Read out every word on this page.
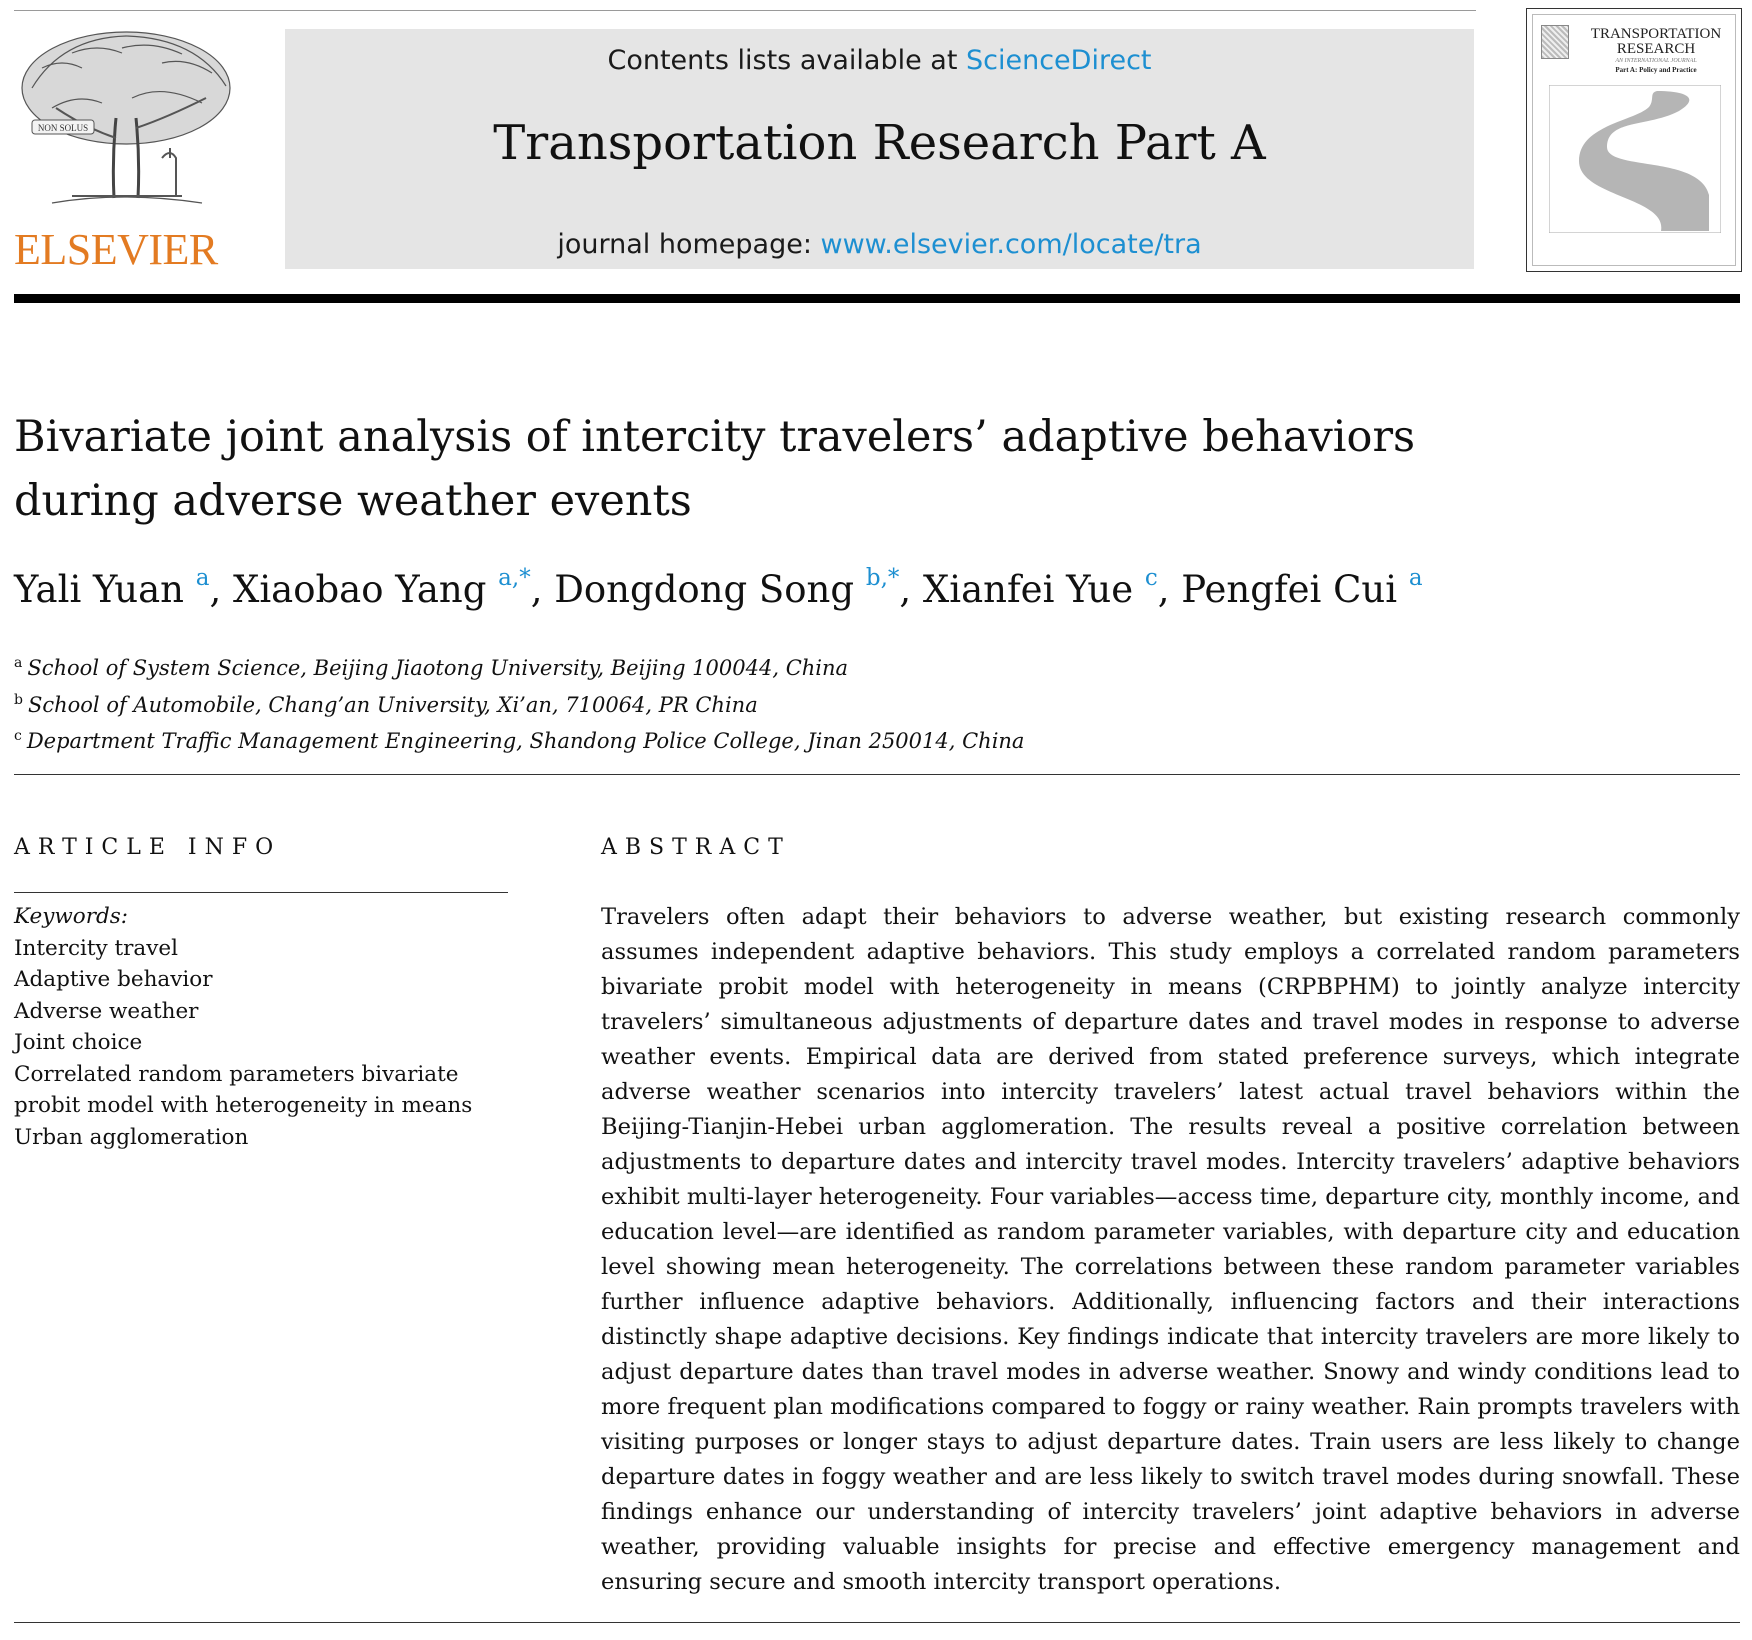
NON SOLUS
ELSEVIER
Contents lists available at ScienceDirect
Transportation Research Part A
journal homepage: www.elsevier.com/locate/tra
TRANSPORTATION RESEARCH
AN INTERNATIONAL JOURNAL
Part A: Policy and Practice
Bivariate joint analysis of intercity travelers’ adaptive behaviors during adverse weather events
Yali Yuan $^a$, Xiaobao Yang $^{a,*}$, Dongdong Song $^{b,*}$, Xianfei Yue $^c$, Pengfei Cui $^a$
$^a$ School of System Science, Beijing Jiaotong University, Beijing 100044, China
$^b$ School of Automobile, Chang’an University, Xi’an, 710064, PR China
$^c$ Department Traffic Management Engineering, Shandong Police College, Jinan 250014, China
ARTICLE INFO
Keywords:
Intercity travel
Adaptive behavior
Adverse weather
Joint choice
Correlated random parameters bivariate probit model with heterogeneity in means
Urban agglomeration
ABSTRACT

Travelers often adapt their behaviors to adverse weather, but existing research commonly assumes independent adaptive behaviors. This study employs a correlated random parameters bivariate probit model with heterogeneity in means (CRPBPHM) to jointly analyze intercity travelers’ simultaneous adjustments of departure dates and travel modes in response to adverse weather events. Empirical data are derived from stated preference surveys, which integrate adverse weather scenarios into intercity travelers’ latest actual travel behaviors within the Beijing-Tianjin-Hebei urban agglomeration. The results reveal a positive correlation between adjustments to departure dates and intercity travel modes. Intercity travelers’ adaptive behaviors exhibit multi-layer heterogeneity. Four variables—access time, departure city, monthly income, and education level—are identified as random parameter variables, with departure city and education level showing mean heterogeneity. The correlations between these random parameter variables further influence adaptive behaviors. Additionally, influencing factors and their interactions distinctly shape adaptive decisions. Key findings indicate that intercity travelers are more likely to adjust departure dates than travel modes in adverse weather. Snowy and windy conditions lead to more frequent plan modifications compared to foggy or rainy weather. Rain prompts travelers with visiting purposes or longer stays to adjust departure dates. Train users are less likely to change departure dates in foggy weather and are less likely to switch travel modes during snowfall. These findings enhance our understanding of intercity travelers’ joint adaptive behaviors in adverse weather, providing valuable insights for precise and effective emergency management and ensuring secure and smooth intercity transport operations.
